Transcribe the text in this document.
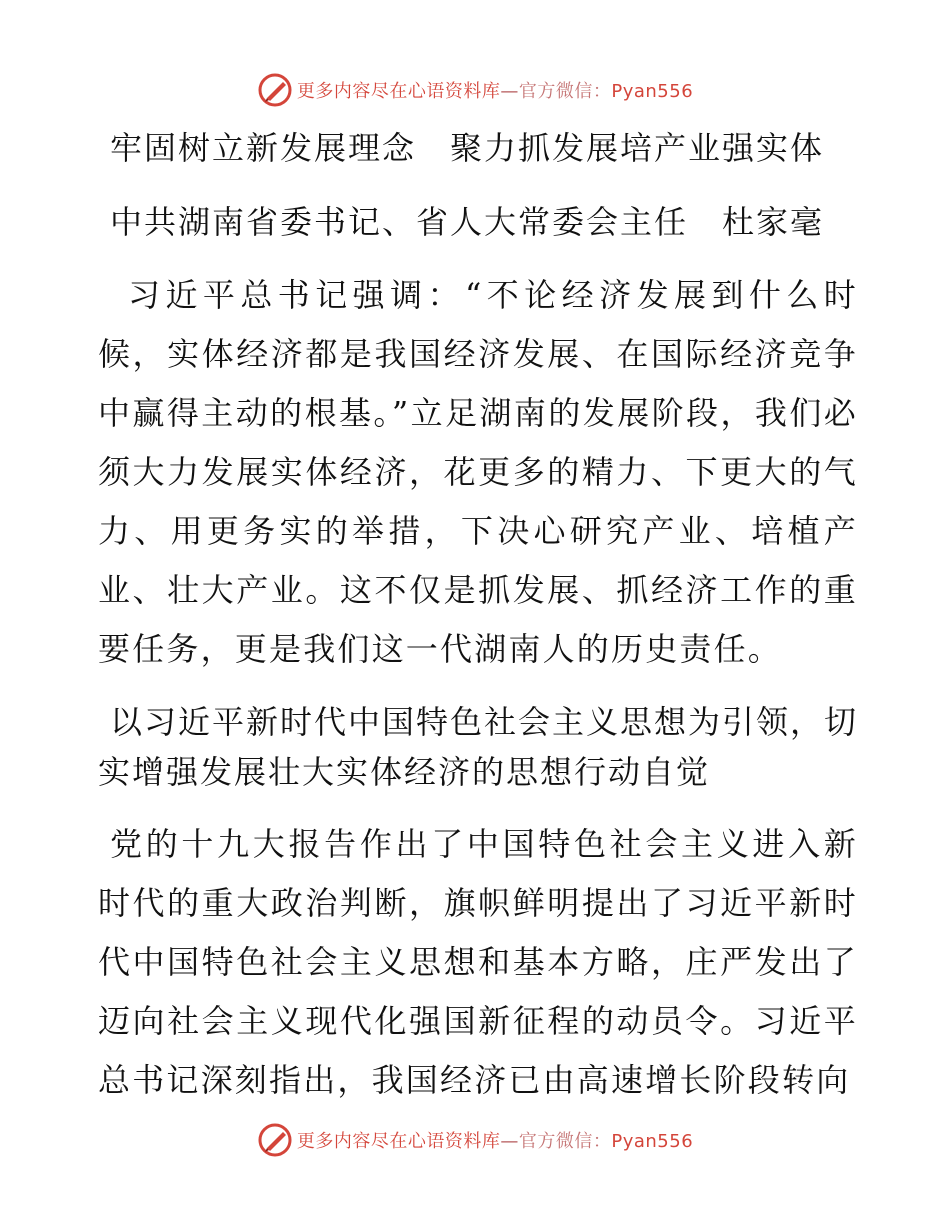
更多内容尽在心语资料库—官方微信：Pyan556
牢固树立新发展理念　聚力抓发展培产业强实体
中共湖南省委书记、省人大常委会主任　杜家毫
习近平总书记强调：“不论经济发展到什么时候，实体经济都是我国经济发展、在国际经济竞争中赢得主动的根基。”立足湖南的发展阶段，我们必须大力发展实体经济，花更多的精力、下更大的气力、用更务实的举措，下决心研究产业、培植产业、壮大产业。这不仅是抓发展、抓经济工作的重要任务，更是我们这一代湖南人的历史责任。
以习近平新时代中国特色社会主义思想为引领，切实增强发展壮大实体经济的思想行动自觉
党的十九大报告作出了中国特色社会主义进入新时代的重大政治判断，旗帜鲜明提出了习近平新时代中国特色社会主义思想和基本方略，庄严发出了迈向社会主义现代化强国新征程的动员令。习近平总书记深刻指出，我国经济已由高速增长阶段转向
更多内容尽在心语资料库—官方微信：Pyan556
